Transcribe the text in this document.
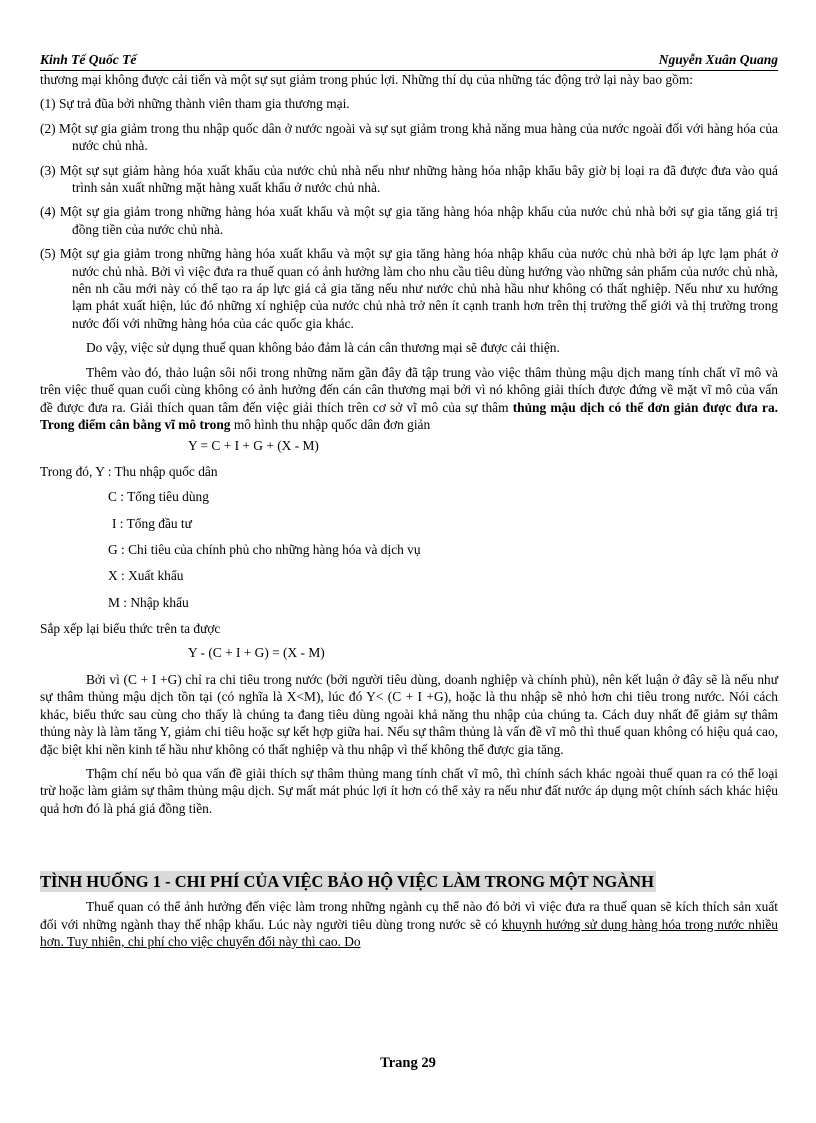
Kinh Tế Quốc Tế	Nguyễn Xuân Quang

thương mại không được cải tiến và một sự sụt giảm trong phúc lợi. Những thí dụ của những tác động trở lại này bao gồm:

(1) Sự trả đũa bởi những thành viên tham gia thương mại.

(2) Một sự gia giảm trong thu nhập quốc dân ở nước ngoài và sự sụt giảm trong khả năng mua hàng của nước ngoài đối với hàng hóa của nước chủ nhà.

(3) Một sự sụt giảm hàng hóa xuất khẩu của nước chủ nhà nếu như những hàng hóa nhập khẩu bây giờ bị loại ra đã được đưa vào quá trình sản xuất những mặt hàng xuất khẩu ở nước chủ nhà.

(4) Một sự gia giảm trong những hàng hóa xuất khẩu và một sự gia tăng hàng hóa nhập khẩu của nước chủ nhà bởi sự gia tăng giá trị đồng tiền của nước chủ nhà.

(5) Một sự gia giảm trong những hàng hóa xuất khẩu và một sự gia tăng hàng hóa nhập khẩu của nước chủ nhà bởi áp lực lạm phát ở nước chủ nhà. Bởi vì việc đưa ra thuế quan có ảnh hưởng làm cho nhu cầu tiêu dùng hướng vào những sản phẩm của nước chủ nhà, nên nh cầu mới này có thể tạo ra áp lực giá cả gia tăng nếu như nước chủ nhà hầu như không có thất nghiệp. Nếu như xu hướng lạm phát xuất hiện, lúc đó những xí nghiệp của nước chủ nhà trở nên ít cạnh tranh hơn trên thị trường thế giới và thị trường trong nước đối với những hàng hóa của các quốc gia khác.

Do vậy, việc sử dụng thuế quan không bảo đảm là cán cân thương mại sẽ được cải thiện.

Thêm vào đó, thảo luận sôi nổi trong những năm gần đây đã tập trung vào việc thâm thủng mậu dịch mang tính chất vĩ mô và trên việc thuế quan cuối cùng không có ảnh hưởng đến cán cân thương mại bởi vì nó không giải thích được đứng về mặt vĩ mô của vấn đề được đưa ra. Giải thích quan tâm đến việc giải thích trên cơ sở vĩ mô của sự thâm thủng mậu dịch có thể đơn giản được đưa ra. Trong điểm cân bằng vĩ mô trong mô hình thu nhập quốc dân đơn giản

Y = C + I + G + (X - M)

Trong đó, Y : Thu nhập quốc dân

C : Tổng tiêu dùng

I : Tổng đầu tư

G : Chi tiêu của chính phủ cho những hàng hóa và dịch vụ

X : Xuất khẩu

M : Nhập khẩu

Sắp xếp lại biểu thức trên ta được

Y - (C + I + G) = (X - M)

Bởi vì (C + I +G) chỉ ra chi tiêu trong nước (bởi người tiêu dùng, doanh nghiệp và chính phủ), nên kết luận ở đây sẽ là nếu như sự thâm thủng mậu dịch tồn tại (có nghĩa là X<M), lúc đó Y< (C + I +G), hoặc là thu nhập sẽ nhỏ hơn chi tiêu trong nước. Nói cách khác, biểu thức sau cùng cho thấy là chúng ta đang tiêu dùng ngoài khả năng thu nhập của chúng ta. Cách duy nhất để giảm sự thâm thủng này là làm tăng Y, giảm chi tiêu hoặc sự kết hợp giữa hai. Nếu sự thâm thủng là vấn đề vĩ mô thì thuế quan không có hiệu quả cao, đặc biệt khi nền kinh tế hầu như không có thất nghiệp và thu nhập vì thế không thể được gia tăng.

Thậm chí nếu bỏ qua vấn đề giải thích sự thâm thủng mang tính chất vĩ mô, thì chính sách khác ngoài thuế quan ra có thể loại trừ hoặc làm giảm sự thâm thủng mậu dịch. Sự mất mát phúc lợi ít hơn có thể xảy ra nếu như đất nước áp dụng một chính sách khác hiệu quả hơn đó là phá giá đồng tiền.

TÌNH HUỐNG 1 - CHI PHÍ CỦA VIỆC BẢO HỘ VIỆC LÀM TRONG MỘT NGÀNH

Thuế quan có thể ảnh hưởng đến việc làm trong những ngành cụ thể nào đó bởi vì việc đưa ra thuế quan sẽ kích thích sản xuất đối với những ngành thay thế nhập khẩu. Lúc này người tiêu dùng trong nước sẽ có khuynh hướng sử dụng hàng hóa trong nước nhiều hơn. Tuy nhiên, chi phí cho việc chuyển đổi này thì cao. Do

Trang 29
